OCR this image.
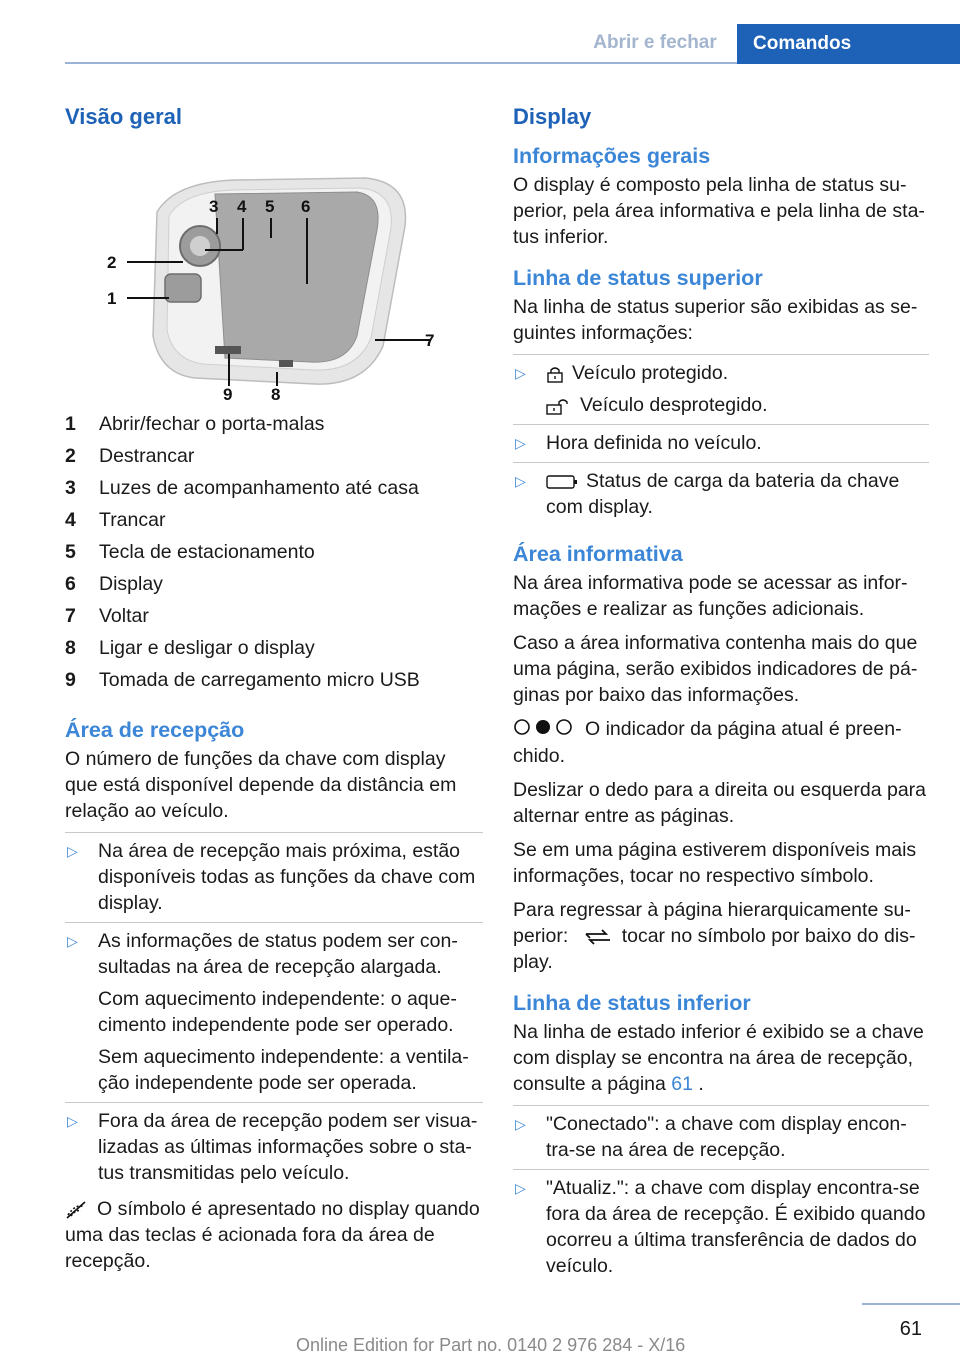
Abrir e fechar	Comandos
Visão geral
3 4 5 6
2
1
7
8
9
1	Abrir/fechar o porta-malas
2	Destrancar
3	Luzes de acompanhamento até casa
4	Trancar
5	Tecla de estacionamento
6	Display
7	Voltar
8	Ligar e desligar o display
9	Tomada de carregamento micro USB
Área de recepção

O número de funções da chave com display que está disponível depende da distância em relação ao veículo.

▷ Na área de recepção mais próxima, estão disponíveis todas as funções da chave com display.

▷ As informações de status podem ser consultadas na área de recepção alargada.

Com aquecimento independente: o aquecimento independente pode ser operado.

Sem aquecimento independente: a ventilação independente pode ser operada.

▷ Fora da área de recepção podem ser visualizadas as últimas informações sobre o status transmitidas pelo veículo.

O símbolo é apresentado no display quando uma das teclas é acionada fora da área de recepção.

Display
Informações gerais

O display é composto pela linha de status superior, pela área informativa e pela linha de status inferior.

Linha de status superior

Na linha de status superior são exibidas as seguintes informações:

▷	Veículo protegido.

Veículo desprotegido.

▷ Hora definida no veículo.

▷	Status de carga da bateria da chave com display.

Área informativa

Na área informativa pode se acessar as informações e realizar as funções adicionais.

Caso a área informativa contenha mais do que uma página, serão exibidos indicadores de páginas por baixo das informações.

O indicador da página atual é preenchido.

Deslizar o dedo para a direita ou esquerda para alternar entre as páginas.

Se em uma página estiverem disponíveis mais informações, tocar no respectivo símbolo.

Para regressar à página hierarquicamente superior:	tocar no símbolo por baixo do display.

Linha de status inferior

Na linha de estado inferior é exibido se a chave com display se encontra na área de recepção, consulte a página 61 .

▷ "Conectado": a chave com display encontra-se na área de recepção.

▷ "Atualiz.": a chave com display encontra-se fora da área de recepção. É exibido quando ocorreu a última transferência de dados do veículo.

61
Online Edition for Part no. 0140 2 976 284 - X/16
